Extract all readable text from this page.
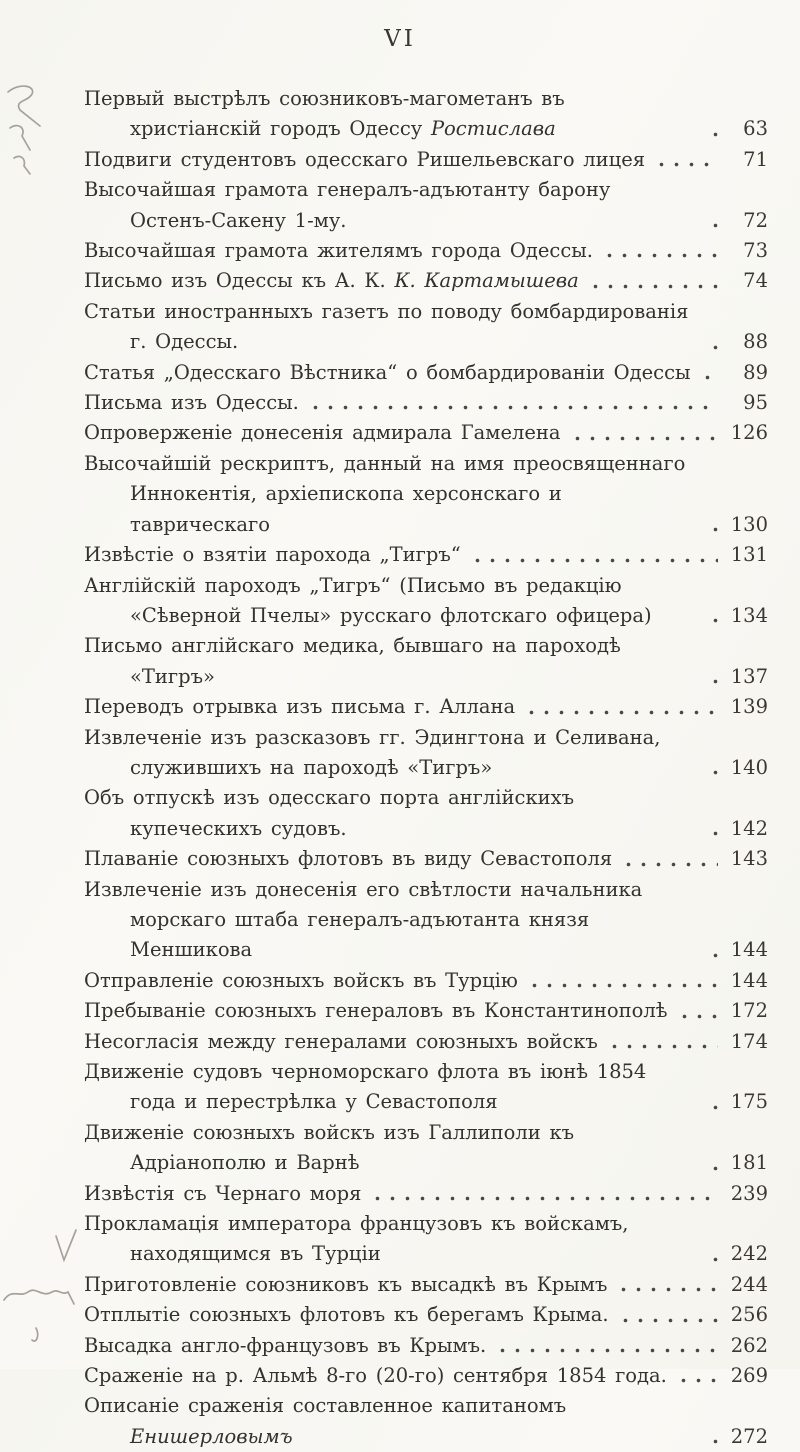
VI
Первый выстрѣлъ союзниковъ-магометанъ въ христіанскій городъ Одессу Ростислава	63
Подвиги студентовъ одесскаго Ришельевскаго лицея	71
Высочайшая грамота генералъ-адъютанту барону Остенъ-Сакену 1-му.	72
Высочайшая грамота жителямъ города Одессы.	73
Письмо изъ Одессы къ А. К. К. Картамышева	74
Статьи иностранныхъ газетъ по поводу бомбардированія г. Одессы.	88
Статья „Одесскаго Вѣстника“ о бомбардированіи Одессы	89
Письма изъ Одессы.	95
Опроверженіе донесенія адмирала Гамелена	126
Высочайшій рескриптъ, данный на имя преосвященнаго Иннокентія, архіепископа херсонскаго и таврическаго	130
Извѣстіе о взятіи парохода „Тигръ“	131
Англійскій пароходъ „Тигръ“ (Письмо въ редакцію «Сѣверной Пчелы» русскаго флотскаго офицера)	134
Письмо англійскаго медика, бывшаго на пароходѣ «Тигръ»	137
Переводъ отрывка изъ письма г. Аллана	139
Извлеченіе изъ разсказовъ гг. Эдингтона и Селивана, служившихъ на пароходѣ «Тигръ»	140
Объ отпускѣ изъ одесскаго порта англійскихъ купеческихъ судовъ.	142
Плаваніе союзныхъ флотовъ въ виду Севастополя	143
Извлеченіе изъ донесенія его свѣтлости начальника морскаго штаба генералъ-адъютанта князя Меншикова	144
Отправленіе союзныхъ войскъ въ Турцію	144
Пребываніе союзныхъ генераловъ въ Константинополѣ	172
Несогласія между генералами союзныхъ войскъ	174
Движеніе судовъ черноморскаго флота въ іюнѣ 1854 года и перестрѣлка у Севастополя	175
Движеніе союзныхъ войскъ изъ Галлиполи къ Адріанополю и Варнѣ	181
Извѣстія съ Чернаго моря	239
Прокламація императора французовъ къ войскамъ, находящимся въ Турціи	242
Приготовленіе союзниковъ къ высадкѣ въ Крымъ	244
Отплытіе союзныхъ флотовъ къ берегамъ Крыма.	256
Высадка англо-французовъ въ Крымъ.	262
Сраженіе на р. Альмѣ 8-го (20-го) сентября 1854 года.	269
Описаніе сраженія составленное капитаномъ Енишерловымъ	272
